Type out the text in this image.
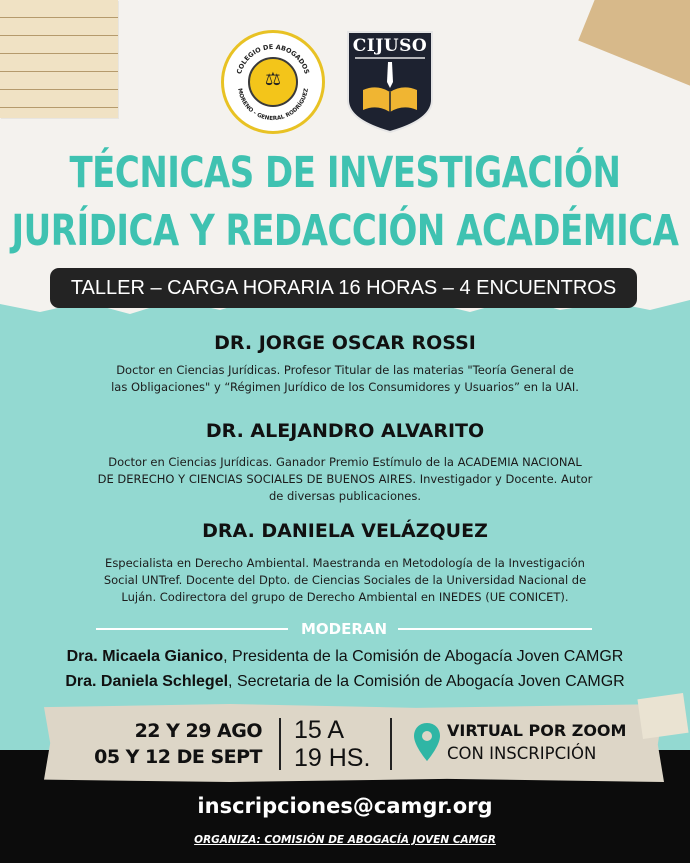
COLEGIO DE ABOGADOS
MORENO - GENERAL RODRÍGUEZ
⚖
CIJUSO
TÉCNICAS DE INVESTIGACIÓN
JURÍDICA Y REDACCIÓN ACADÉMICA
TALLER – CARGA HORARIA 16 HORAS – 4 ENCUENTROS
DR. JORGE OSCAR ROSSI
Doctor en Ciencias Jurídicas. Profesor Titular de las materias "Teoría General de
las Obligaciones" y “Régimen Jurídico de los Consumidores y Usuarios” en la UAI.
DR. ALEJANDRO ALVARITO
Doctor en Ciencias Jurídicas. Ganador Premio Estímulo de la ACADEMIA NACIONAL
DE DERECHO Y CIENCIAS SOCIALES DE BUENOS AIRES. Investigador y Docente. Autor
de diversas publicaciones.
DRA. DANIELA VELÁZQUEZ
Especialista en Derecho Ambiental. Maestranda en Metodología de la Investigación
Social UNTref. Docente del Dpto. de Ciencias Sociales de la Universidad Nacional de
Luján. Codirectora del grupo de Derecho Ambiental en INEDES (UE CONICET).
MODERAN
Dra. Micaela Gianico, Presidenta de la Comisión de Abogacía Joven CAMGR
Dra. Daniela Schlegel, Secretaria de la Comisión de Abogacía Joven CAMGR
22 Y 29 AGO
05 Y 12 DE SEPT
15 A
19 HS.
VIRTUAL POR ZOOM
CON INSCRIPCIÓN
inscripciones@camgr.org
ORGANIZA: COMISIÓN DE ABOGACÍA JOVEN CAMGR
